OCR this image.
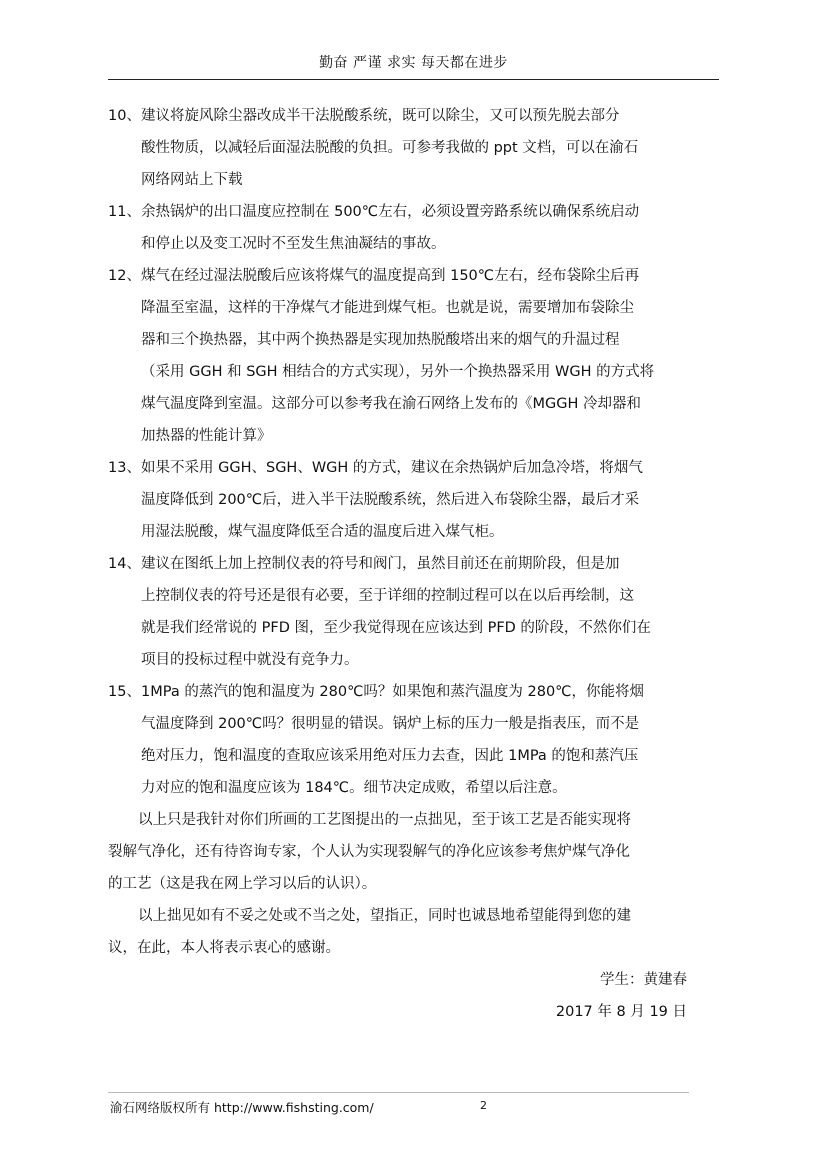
勤奋 严谨 求实 每天都在进步
10、 建议将旋风除尘器改成半干法脱酸系统，既可以除尘，又可以预先脱去部分
酸性物质，以减轻后面湿法脱酸的负担。可参考我做的 ppt 文档，可以在渝石
网络网站上下载
11、 余热锅炉的出口温度应控制在 500℃左右，必须设置旁路系统以确保系统启动
和停止以及变工况时不至发生焦油凝结的事故。
12、 煤气在经过湿法脱酸后应该将煤气的温度提高到 150℃左右，经布袋除尘后再
降温至室温，这样的干净煤气才能进到煤气柜。也就是说，需要增加布袋除尘
器和三个换热器，其中两个换热器是实现加热脱酸塔出来的烟气的升温过程
（采用 GGH 和 SGH 相结合的方式实现），另外一个换热器采用 WGH 的方式将
煤气温度降到室温。这部分可以参考我在渝石网络上发布的《MGGH 冷却器和
加热器的性能计算》
13、 如果不采用 GGH、SGH、WGH 的方式，建议在余热锅炉后加急冷塔，将烟气
温度降低到 200℃后，进入半干法脱酸系统，然后进入布袋除尘器，最后才采
用湿法脱酸，煤气温度降低至合适的温度后进入煤气柜。
14、 建议在图纸上加上控制仪表的符号和阀门，虽然目前还在前期阶段，但是加
上控制仪表的符号还是很有必要，至于详细的控制过程可以在以后再绘制，这
就是我们经常说的 PFD 图，至少我觉得现在应该达到 PFD 的阶段，不然你们在
项目的投标过程中就没有竞争力。
15、 1MPa 的蒸汽的饱和温度为 280℃吗？如果饱和蒸汽温度为 280℃，你能将烟
气温度降到 200℃吗？很明显的错误。锅炉上标的压力一般是指表压，而不是
绝对压力，饱和温度的查取应该采用绝对压力去查，因此 1MPa 的饱和蒸汽压
力对应的饱和温度应该为 184℃。细节决定成败，希望以后注意。
以上只是我针对你们所画的工艺图提出的一点拙见，至于该工艺是否能实现将
裂解气净化，还有待咨询专家，个人认为实现裂解气的净化应该参考焦炉煤气净化
的工艺（这是我在网上学习以后的认识）。
以上拙见如有不妥之处或不当之处，望指正，同时也诚恳地希望能得到您的建
议，在此，本人将表示衷心的感谢。
学生：黄建春
2017 年 8 月 19 日
渝石网络版权所有 http://www.fishsting.com/	2
